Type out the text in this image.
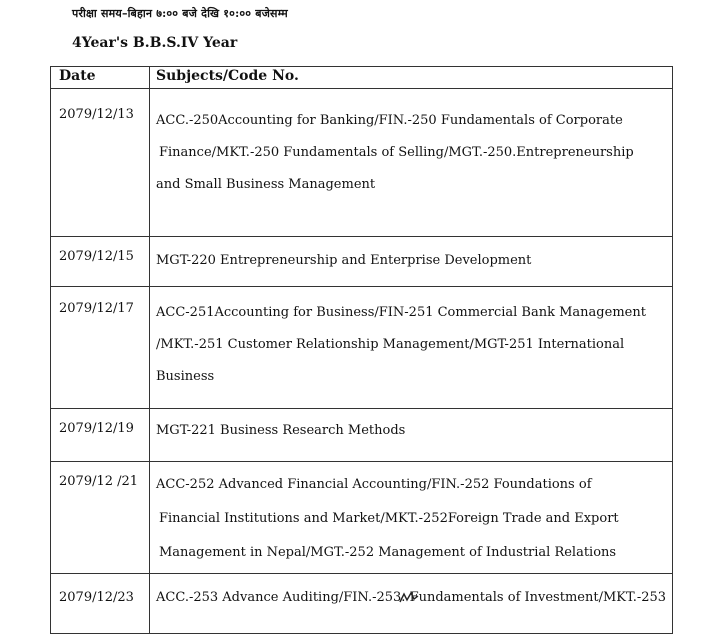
परीक्षा समय–बिहान ७:०० बजे देखि १०:०० बजेसम्म
4Year's B.B.S.IV Year
Date	Subjects/Code No.
2079/12/13	ACC.-250Accounting for Banking/FIN.-250 Fundamentals of Corporate
Finance/MKT.-250 Fundamentals of Selling/MGT.-250.Entrepreneurship
and Small Business Management

2079/12/15	MGT-220 Entrepreneurship and Enterprise Development

2079/12/17	ACC-251Accounting for Business/FIN-251 Commercial Bank Management
/MKT.-251 Customer Relationship Management/MGT-251 International
Business

2079/12/19	MGT-221 Business Research Methods

2079/12 /21	ACC-252 Advanced Financial Accounting/FIN.-252 Foundations of
Financial Institutions and Market/MKT.-252Foreign Trade and Export
Management in Nepal/MGT.-252 Management of Industrial Relations

2079/12/23	ACC.-253 Advance Auditing/FIN.-253. Fundamentals of Investment/MKT.-253
